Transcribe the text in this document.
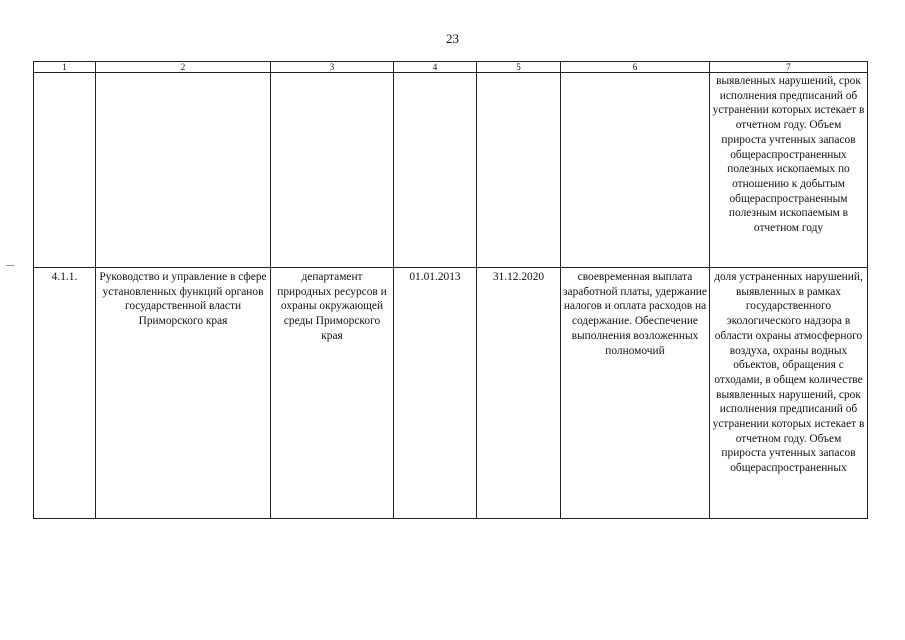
23
1	2	3	4	5	6	7
						выявленных нарушений, срок исполнения предписаний об устранении которых истекает в отчетном году. Объем прироста учтенных запасов общераспространенных полезных ископаемых по отношению к добытым общераспространенным полезным ископаемым в отчетном году
4.1.1.	Руководство и управление в сфере установленных функций органов государственной власти Приморского края	департамент природных ресурсов и охраны окружающей среды Приморского края	01.01.2013	31.12.2020	своевременная выплата заработной платы, удержание налогов и оплата расходов на содержание. Обеспечение выполнения возложенных полномочий	доля устраненных нарушений, выявленных в рамках государственного экологического надзора в области охраны атмосферного воздуха, охраны водных объектов, обращения с отходами, в общем количестве выявленных нарушений, срок исполнения предписаний об устранении которых истекает в отчетном году. Объем прироста учтенных запасов общераспространенных
